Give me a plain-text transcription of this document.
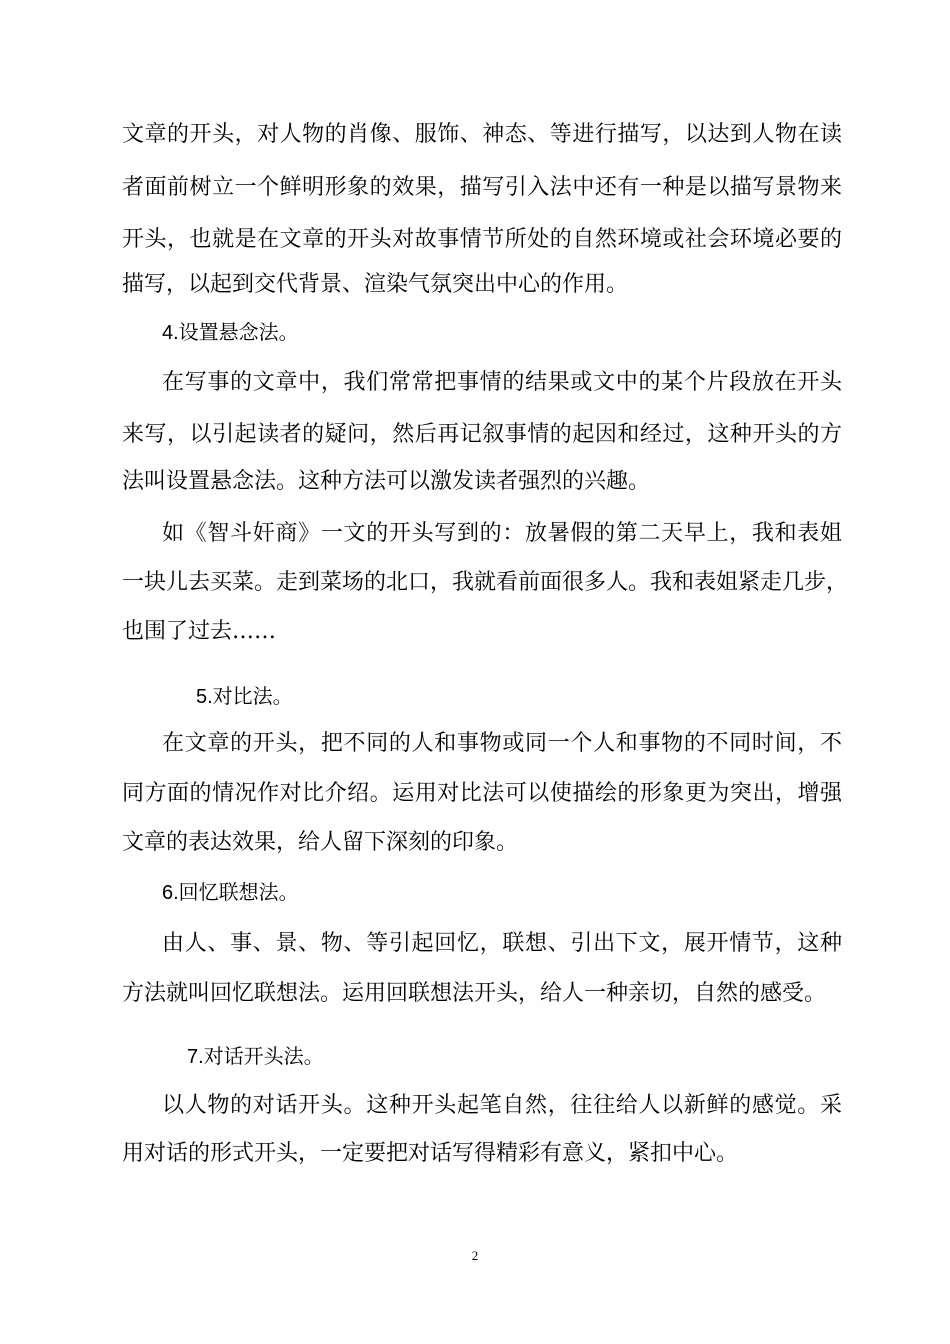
文章的开头，对人物的肖像、服饰、神态、等进行描写，以达到人物在读
者面前树立一个鲜明形象的效果，描写引入法中还有一种是以描写景物来
开头，也就是在文章的开头对故事情节所处的自然环境或社会环境必要的
描写，以起到交代背景、渲染气氛突出中心的作用。
4.设置悬念法。
在写事的文章中，我们常常把事情的结果或文中的某个片段放在开头
来写，以引起读者的疑问，然后再记叙事情的起因和经过，这种开头的方
法叫设置悬念法。这种方法可以激发读者强烈的兴趣。
如《智斗奸商》一文的开头写到的：放暑假的第二天早上，我和表姐
一块儿去买菜。走到菜场的北口，我就看前面很多人。我和表姐紧走几步，
也围了过去……
5.对比法。
在文章的开头，把不同的人和事物或同一个人和事物的不同时间，不
同方面的情况作对比介绍。运用对比法可以使描绘的形象更为突出，增强
文章的表达效果，给人留下深刻的印象。
6.回忆联想法。
由人、事、景、物、等引起回忆，联想、引出下文，展开情节，这种
方法就叫回忆联想法。运用回联想法开头，给人一种亲切，自然的感受。
7.对话开头法。
以人物的对话开头。这种开头起笔自然，往往给人以新鲜的感觉。采
用对话的形式开头，一定要把对话写得精彩有意义，紧扣中心。
2
